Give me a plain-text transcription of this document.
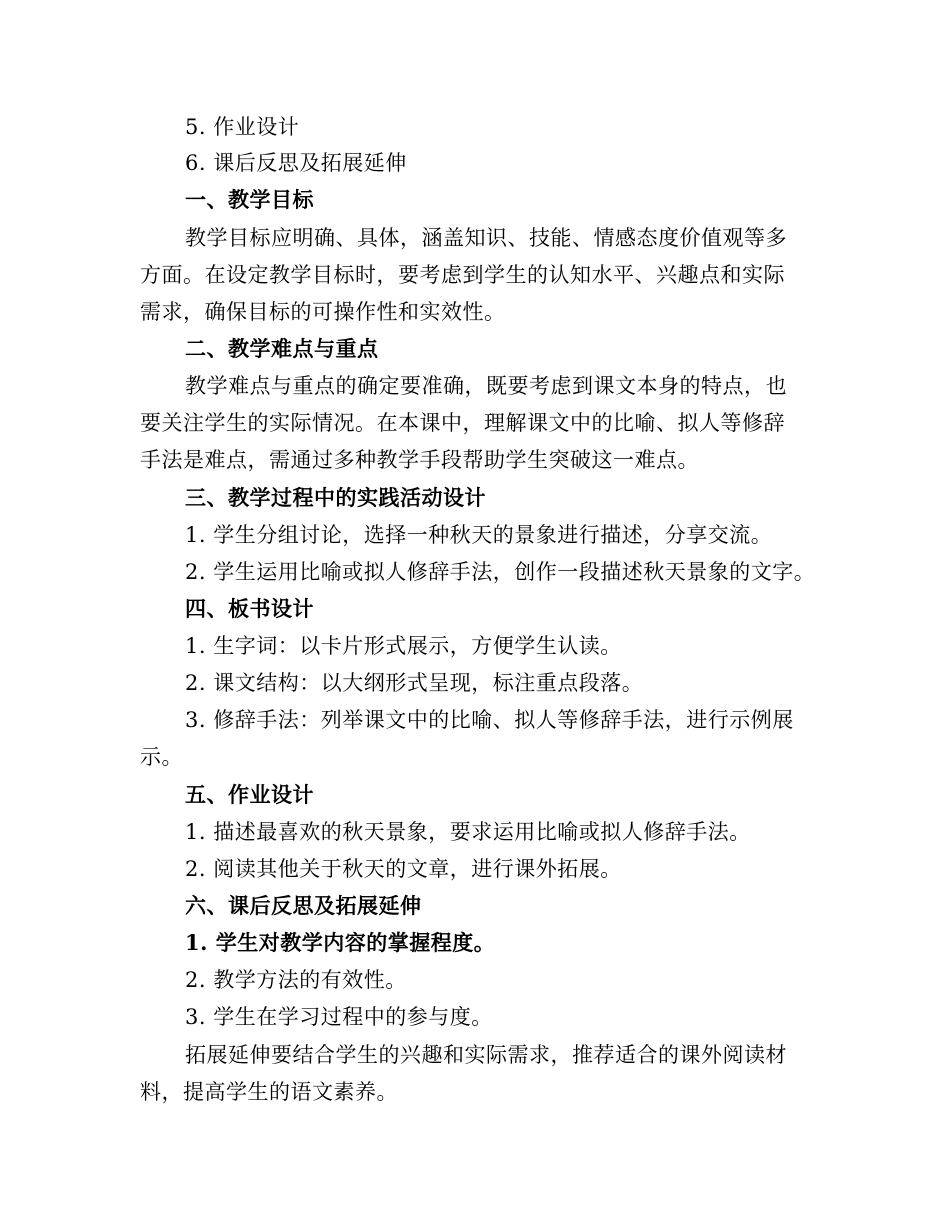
5. 作业设计
6. 课后反思及拓展延伸
一、教学目标
教学目标应明确、具体，涵盖知识、技能、情感态度价值观等多
方面。在设定教学目标时，要考虑到学生的认知水平、兴趣点和实际
需求，确保目标的可操作性和实效性。
二、教学难点与重点
教学难点与重点的确定要准确，既要考虑到课文本身的特点，也
要关注学生的实际情况。在本课中，理解课文中的比喻、拟人等修辞
手法是难点，需通过多种教学手段帮助学生突破这一难点。
三、教学过程中的实践活动设计
1. 学生分组讨论，选择一种秋天的景象进行描述，分享交流。
2. 学生运用比喻或拟人修辞手法，创作一段描述秋天景象的文字。
四、板书设计
1. 生字词：以卡片形式展示，方便学生认读。
2. 课文结构：以大纲形式呈现，标注重点段落。
3. 修辞手法：列举课文中的比喻、拟人等修辞手法，进行示例展
示。
五、作业设计
1. 描述最喜欢的秋天景象，要求运用比喻或拟人修辞手法。
2. 阅读其他关于秋天的文章，进行课外拓展。
六、课后反思及拓展延伸
1. 学生对教学内容的掌握程度。
2. 教学方法的有效性。
3. 学生在学习过程中的参与度。
拓展延伸要结合学生的兴趣和实际需求，推荐适合的课外阅读材
料，提高学生的语文素养。
